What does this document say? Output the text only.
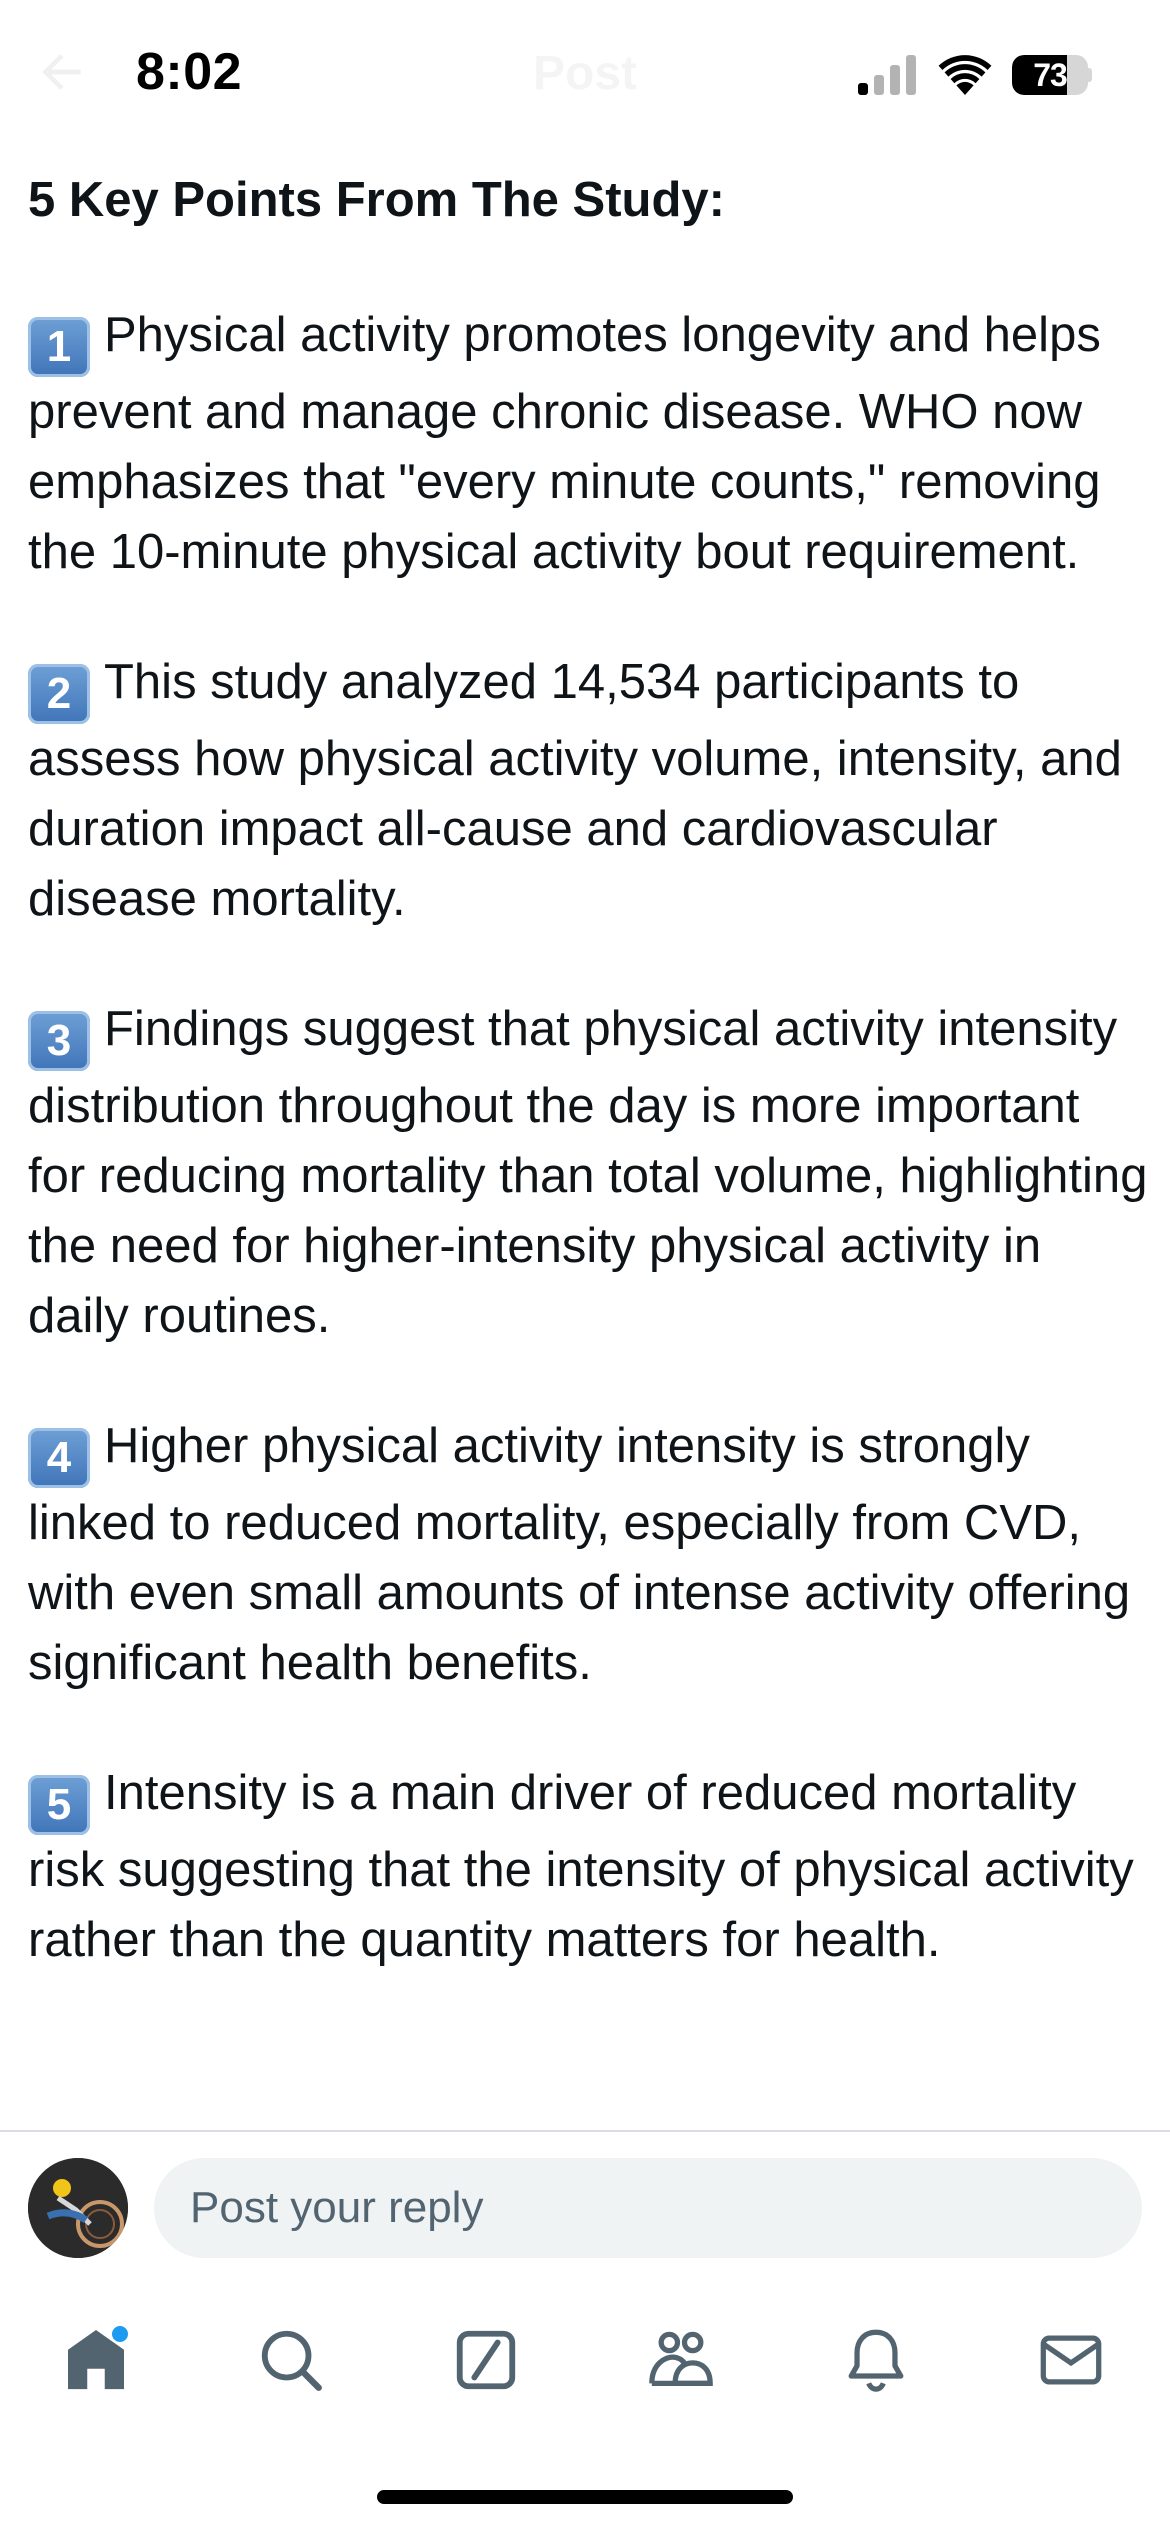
8:02	73

5 Key Points From The Study:

1 Physical activity promotes longevity and helps prevent and manage chronic disease. WHO now emphasizes that "every minute counts," removing the 10-minute physical activity bout requirement.

2 This study analyzed 14,534 participants to assess how physical activity volume, intensity, and duration impact all-cause and cardiovascular disease mortality.

3 Findings suggest that physical activity intensity distribution throughout the day is more important for reducing mortality than total volume, highlighting the need for higher-intensity physical activity in daily routines.

4 Higher physical activity intensity is strongly linked to reduced mortality, especially from CVD, with even small amounts of intense activity offering significant health benefits.

5 Intensity is a main driver of reduced mortality risk suggesting that the intensity of physical activity rather than the quantity matters for health.

Post your reply
